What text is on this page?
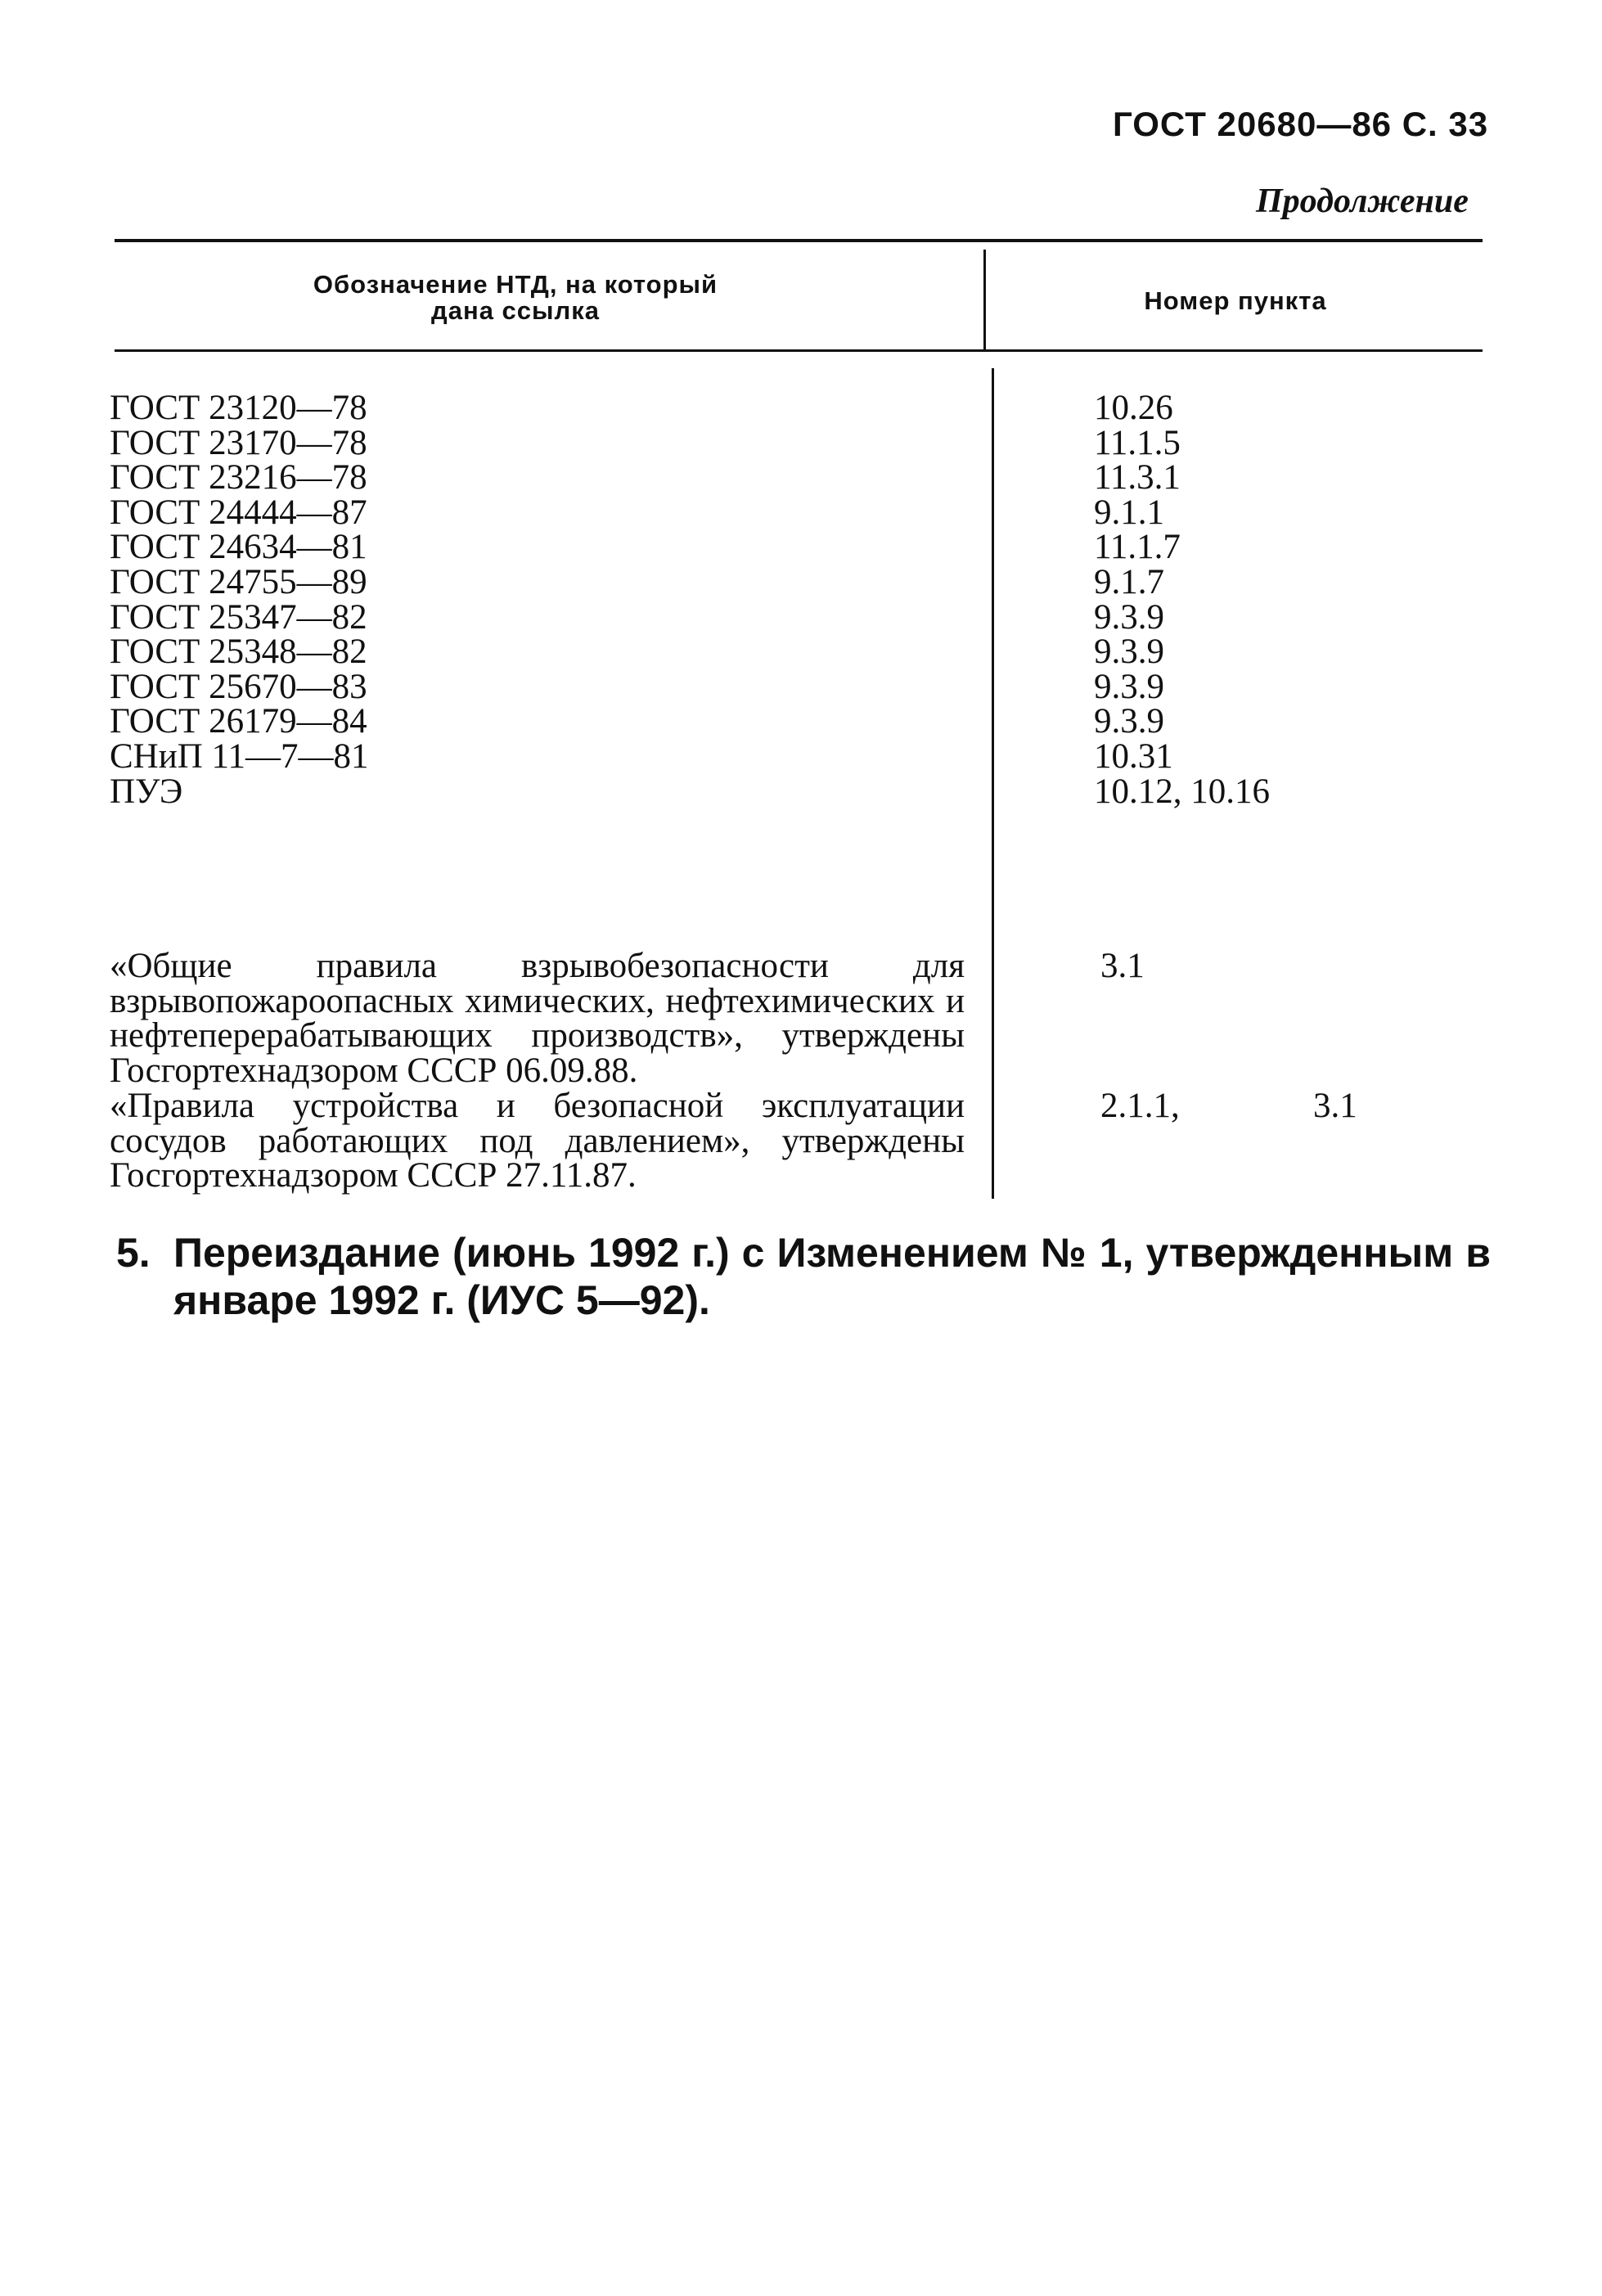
ГОСТ 20680—86 С. 33
Продолжение
Обозначение НТД, на который дана ссылка	Номер пункта
ГОСТ 23120—78
ГОСТ 23170—78
ГОСТ 23216—78
ГОСТ 24444—87
ГОСТ 24634—81
ГОСТ 24755—89
ГОСТ 25347—82
ГОСТ 25348—82
ГОСТ 25670—83
ГОСТ 26179—84
СНиП 11—7—81
ПУЭ
10.26
11.1.5
11.3.1
9.1.1
11.1.7
9.1.7
9.3.9
9.3.9
9.3.9
9.3.9
10.31
10.12, 10.16
«Общие правила взрывобезопасности для взрывопожароопасных химических, нефтехимических и нефтеперерабатывающих производств», утверждены Госгортехнадзором СССР 06.09.88.
3.1
«Правила устройства и безопасной эксплуатации сосудов работающих под давлением», утверждены Госгортехнадзором СССР 27.11.87.
2.1.1,	3.1
5. Переиздание (июнь 1992 г.) с Изменением № 1, утвержденным в январе 1992 г. (ИУС 5—92).
